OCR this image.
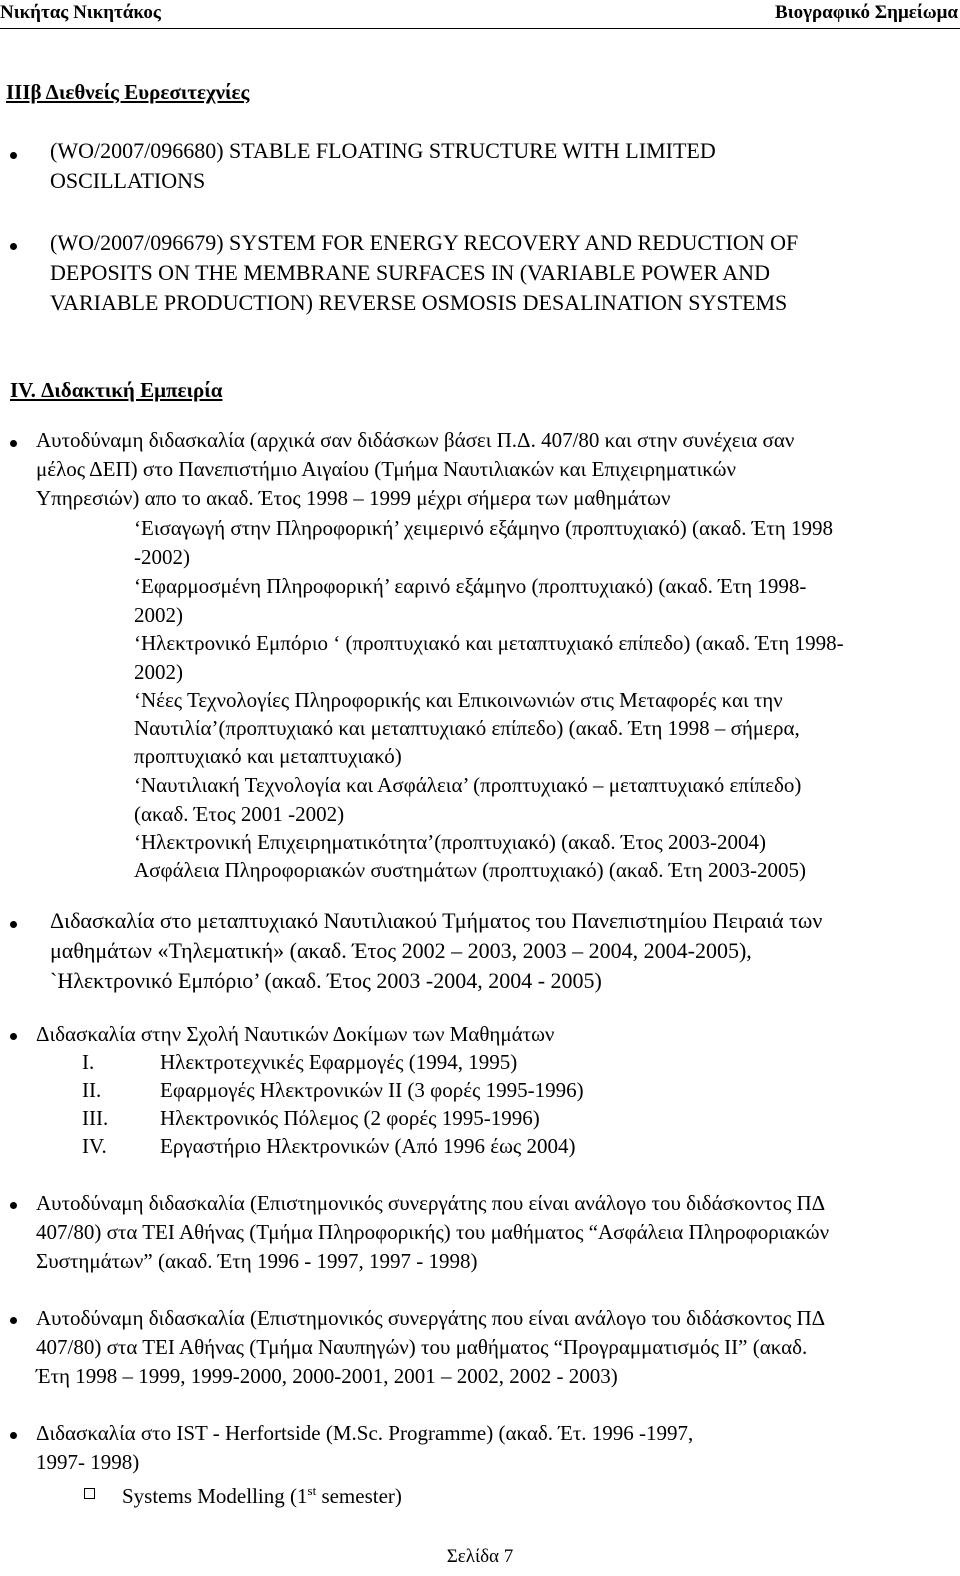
Νικήτας Νικητάκος	Βιογραφικό Σημείωμα
ΙΙΙβ Διεθνείς Ευρεσιτεχνίες
(WO/2007/096680) STABLE FLOATING STRUCTURE WITH LIMITED
OSCILLATIONS
(WO/2007/096679) SYSTEM FOR ENERGY RECOVERY AND REDUCTION OF
DEPOSITS ON THE MEMBRANE SURFACES IN (VARIABLE POWER AND
VARIABLE PRODUCTION) REVERSE OSMOSIS DESALINATION SYSTEMS
IV. Διδακτική Εμπειρία
Αυτοδύναμη διδασκαλία (αρχικά σαν διδάσκων βάσει Π.Δ. 407/80 και στην συνέχεια σαν
μέλος ΔΕΠ) στο Πανεπιστήμιο Αιγαίου (Τμήμα Ναυτιλιακών και Επιχειρηματικών
Υπηρεσιών) απο το ακαδ. Έτος 1998 – 1999 μέχρι σήμερα των μαθημάτων
‘Εισαγωγή στην Πληροφορική’ χειμερινό εξάμηνο (προπτυχιακό) (ακαδ. Έτη 1998
-2002)
‘Εφαρμοσμένη Πληροφορική’ εαρινό εξάμηνο (προπτυχιακό) (ακαδ. Έτη 1998-
2002)
‘Ηλεκτρονικό Εμπόριο ‘ (προπτυχιακό και μεταπτυχιακό επίπεδο) (ακαδ. Έτη 1998-
2002)
‘Νέες Τεχνολογίες Πληροφορικής και Επικοινωνιών στις Μεταφορές και την
Ναυτιλία’(προπτυχιακό και μεταπτυχιακό επίπεδο) (ακαδ. Έτη 1998 – σήμερα,
προπτυχιακό και μεταπτυχιακό)
‘Ναυτιλιακή Τεχνολογία και Ασφάλεια’ (προπτυχιακό – μεταπτυχιακό επίπεδο)
(ακαδ. Έτος 2001 -2002)
‘Ηλεκτρονική Επιχειρηματικότητα’(προπτυχιακό) (ακαδ. Έτος 2003-2004)
Ασφάλεια Πληροφοριακών συστημάτων (προπτυχιακό) (ακαδ. Έτη 2003-2005)
Διδασκαλία στο μεταπτυχιακό Ναυτιλιακού Τμήματος του Πανεπιστημίου Πειραιά των
μαθημάτων «Τηλεματική» (ακαδ. Έτος 2002 – 2003, 2003 – 2004, 2004-2005),
`Ηλεκτρονικό Εμπόριο’ (ακαδ. Έτος 2003 -2004, 2004 - 2005)
Διδασκαλία στην Σχολή Ναυτικών Δοκίμων των Μαθημάτων
I.	Ηλεκτροτεχνικές Εφαρμογές (1994, 1995)
II.	Εφαρμογές Ηλεκτρονικών ΙΙ (3 φορές 1995-1996)
III. Ηλεκτρονικός Πόλεμος (2 φορές 1995-1996)
IV.	Εργαστήριο Ηλεκτρονικών (Από 1996 έως 2004)
Αυτοδύναμη διδασκαλία (Επιστημονικός συνεργάτης που είναι ανάλογο του διδάσκοντος ΠΔ
407/80) στα ΤΕΙ Αθήνας (Τμήμα Πληροφορικής) του μαθήματος “Ασφάλεια Πληροφοριακών
Συστημάτων” (ακαδ. Έτη 1996 - 1997, 1997 - 1998)
Αυτοδύναμη διδασκαλία (Επιστημονικός συνεργάτης που είναι ανάλογο του διδάσκοντος ΠΔ
407/80) στα ΤΕΙ Αθήνας (Τμήμα Ναυπηγών) του μαθήματος “Προγραμματισμός ΙΙ” (ακαδ.
Έτη 1998 – 1999, 1999-2000, 2000-2001, 2001 – 2002, 2002 - 2003)
Διδασκαλία στο IST - Herfortside (M.Sc. Programme) (ακαδ. Έτ. 1996 -1997,
1997- 1998)
Systems Modelling (1st semester)
Σελίδα 7
